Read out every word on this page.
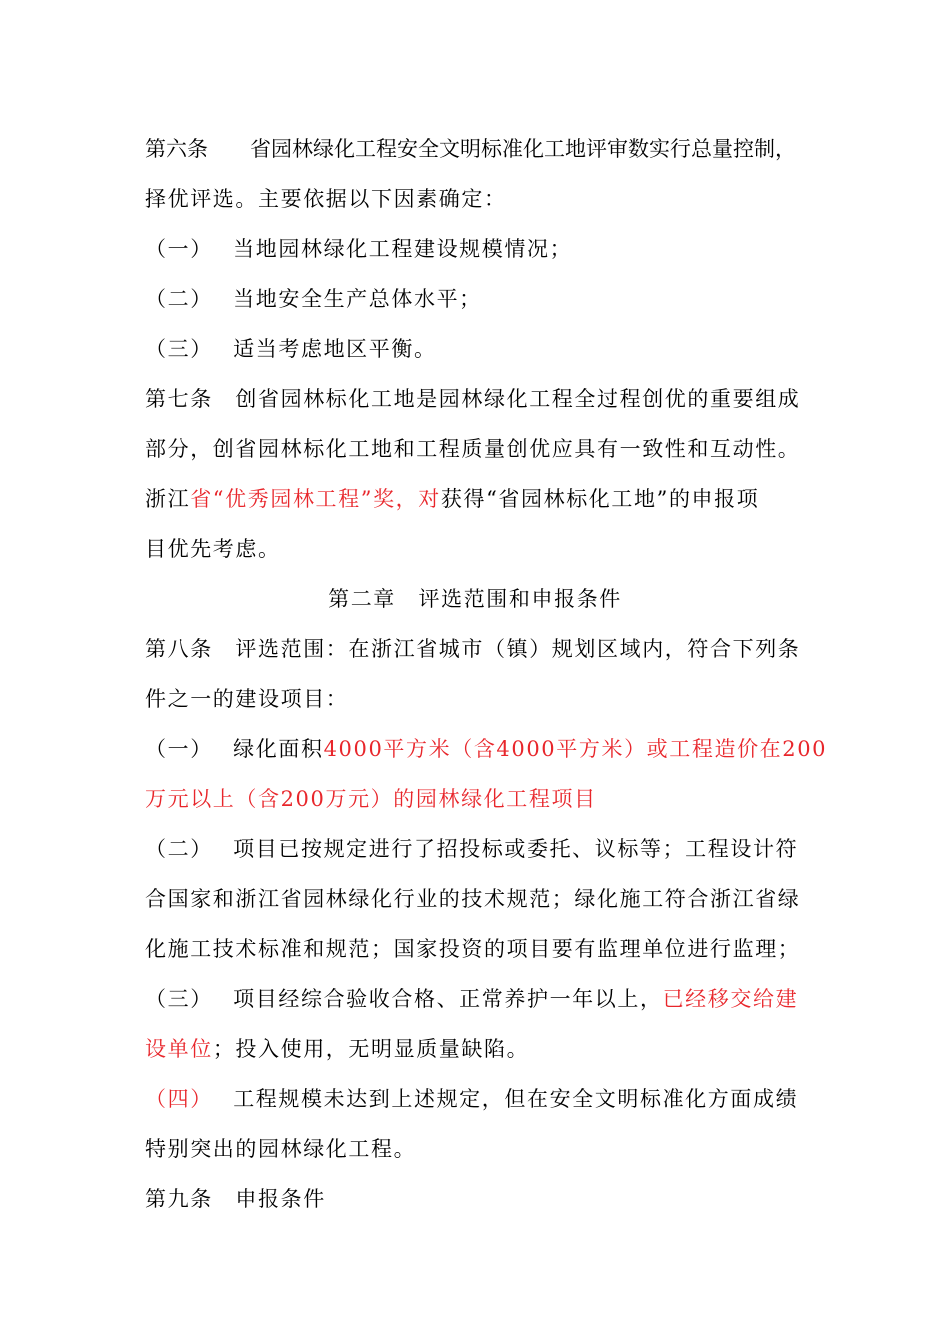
第六条　　省园林绿化工程安全文明标准化工地评审数实行总量控制，
择优评选。主要依据以下因素确定：
（一）　 当地园林绿化工程建设规模情况；
（二）　 当地安全生产总体水平；
（三）　 适当考虑地区平衡。
第七条　创省园林标化工地是园林绿化工程全过程创优的重要组成
部分，创省园林标化工地和工程质量创优应具有一致性和互动性。
浙江省“优秀园林工程”奖，对获得“省园林标化工地”的申报项
目优先考虑。
第二章　评选范围和申报条件
第八条　评选范围：在浙江省城市（镇）规划区域内，符合下列条
件之一的建设项目：
（一）　 绿化面积4000平方米（含4000平方米）或工程造价在200
万元以上（含200万元）的园林绿化工程项目
（二）　 项目已按规定进行了招投标或委托、议标等；工程设计符
合国家和浙江省园林绿化行业的技术规范；绿化施工符合浙江省绿
化施工技术标准和规范；国家投资的项目要有监理单位进行监理；
（三）　 项目经综合验收合格、正常养护一年以上，已经移交给建
设单位；投入使用，无明显质量缺陷。
（四）　 工程规模未达到上述规定，但在安全文明标准化方面成绩
特别突出的园林绿化工程。
第九条　申报条件
